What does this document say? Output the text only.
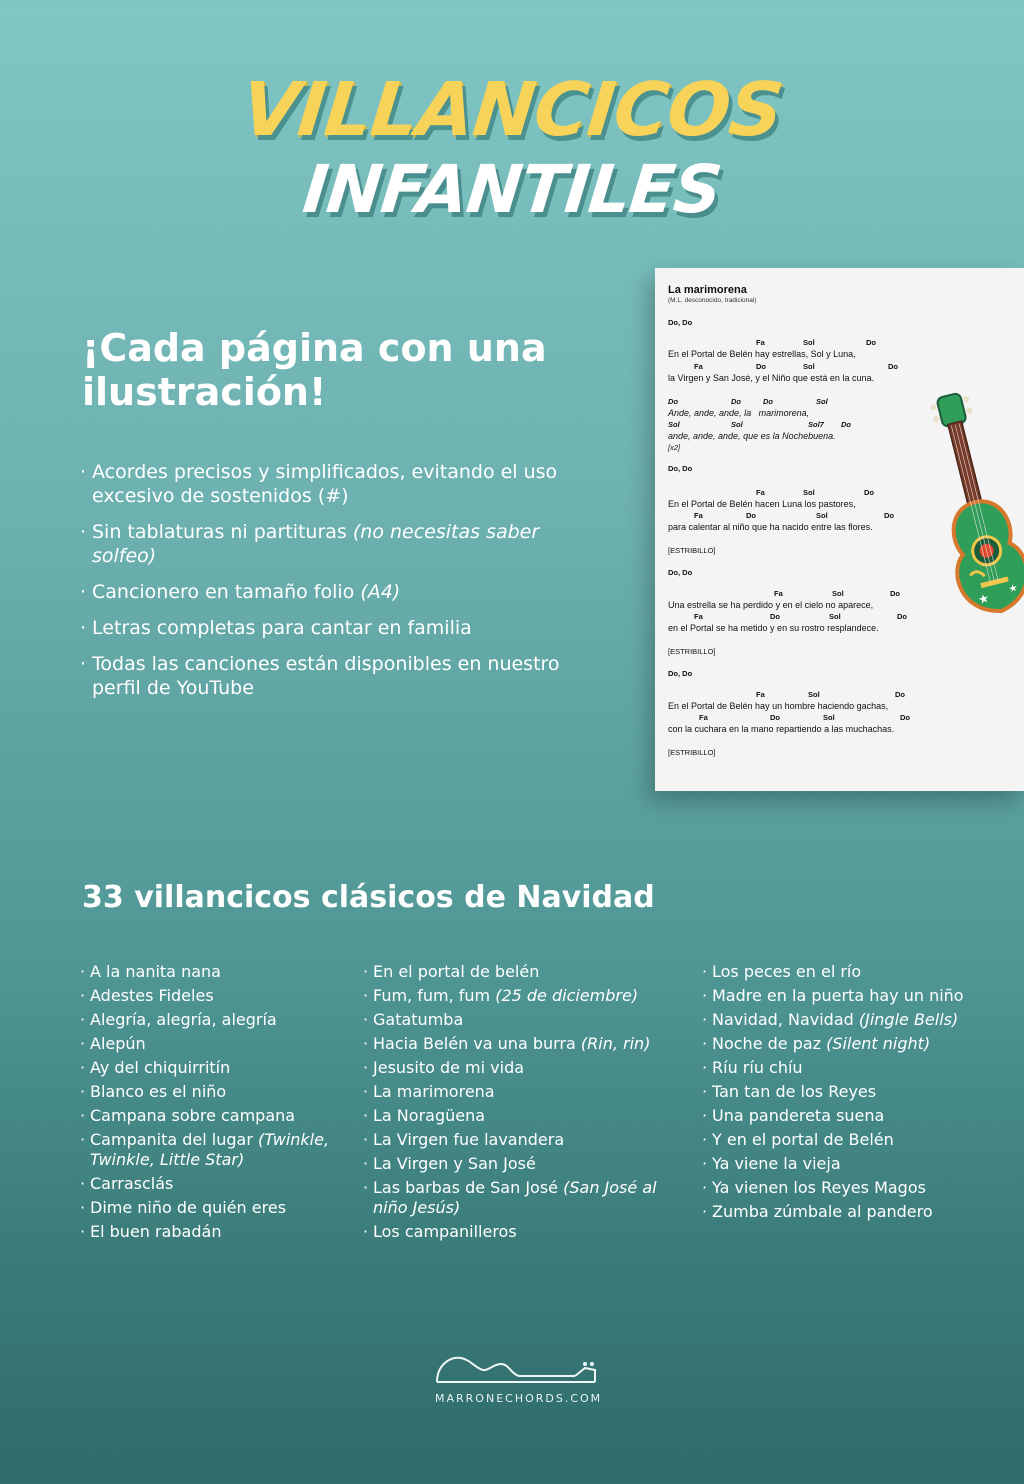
VILLANCICOS
INFANTILES
¡Cada página con una ilustración!
· Acordes precisos y simplificados, evitando el uso excesivo de sostenidos (#)
· Sin tablaturas ni partituras (no necesitas saber solfeo)
· Cancionero en tamaño folio (A4)
· Letras completas para cantar en familia
· Todas las canciones están disponibles en nuestro perfil de YouTube
La marimorena
(M.L. desconocido, tradicional)
★
★
Do, Do
Fa	Sol	Do
En el Portal de Belén hay estrellas, Sol y Luna,
Fa	Do	Sol	Do
la Virgen y San José, y el Niño que está en la cuna.
Do	Do	Do	Sol
Ande, ande, ande, la   marimorena,
Sol	Sol	Sol7 Do
ande, ande, ande, que es la Nochebuena.
[x2]
Do, Do
Fa	Sol	Do
En el Portal de Belén hacen Luna los pastores,
Fa	Do	Sol	Do
para calentar al niño que ha nacido entre las flores.
[ESTRIBILLO]
Do, Do
Fa	Sol	Do
Una estrella se ha perdido y en el cielo no aparece,
Fa	Do	Sol	Do
en el Portal se ha metido y en su rostro resplandece.
[ESTRIBILLO]
Do, Do
Fa	Sol	Do
En el Portal de Belén hay un hombre haciendo gachas,
Fa	Do	Sol	Do
con la cuchara en la mano repartiendo a las muchachas.
[ESTRIBILLO]
33 villancicos clásicos de Navidad
· A la nanita nana
· Adestes Fideles
· Alegría, alegría, alegría
· Alepún
· Ay del chiquirritín
· Blanco es el niño
· Campana sobre campana
· Campanita del lugar (Twinkle, Twinkle, Little Star)
· Carrasclás
· Dime niño de quién eres
· El buen rabadán
· En el portal de belén
· Fum, fum, fum (25 de diciembre)
· Gatatumba
· Hacia Belén va una burra (Rin, rin)
· Jesusito de mi vida
· La marimorena
· La Noragüena
· La Virgen fue lavandera
· La Virgen y San José
· Las barbas de San José (San José al niño Jesús)
· Los campanilleros
· Los peces en el río
· Madre en la puerta hay un niño
· Navidad, Navidad (Jingle Bells)
· Noche de paz (Silent night)
· Ríu ríu chíu
· Tan tan de los Reyes
· Una pandereta suena
· Y en el portal de Belén
· Ya viene la vieja
· Ya vienen los Reyes Magos
· Zumba zúmbale al pandero
MARRONECHORDS.COM
